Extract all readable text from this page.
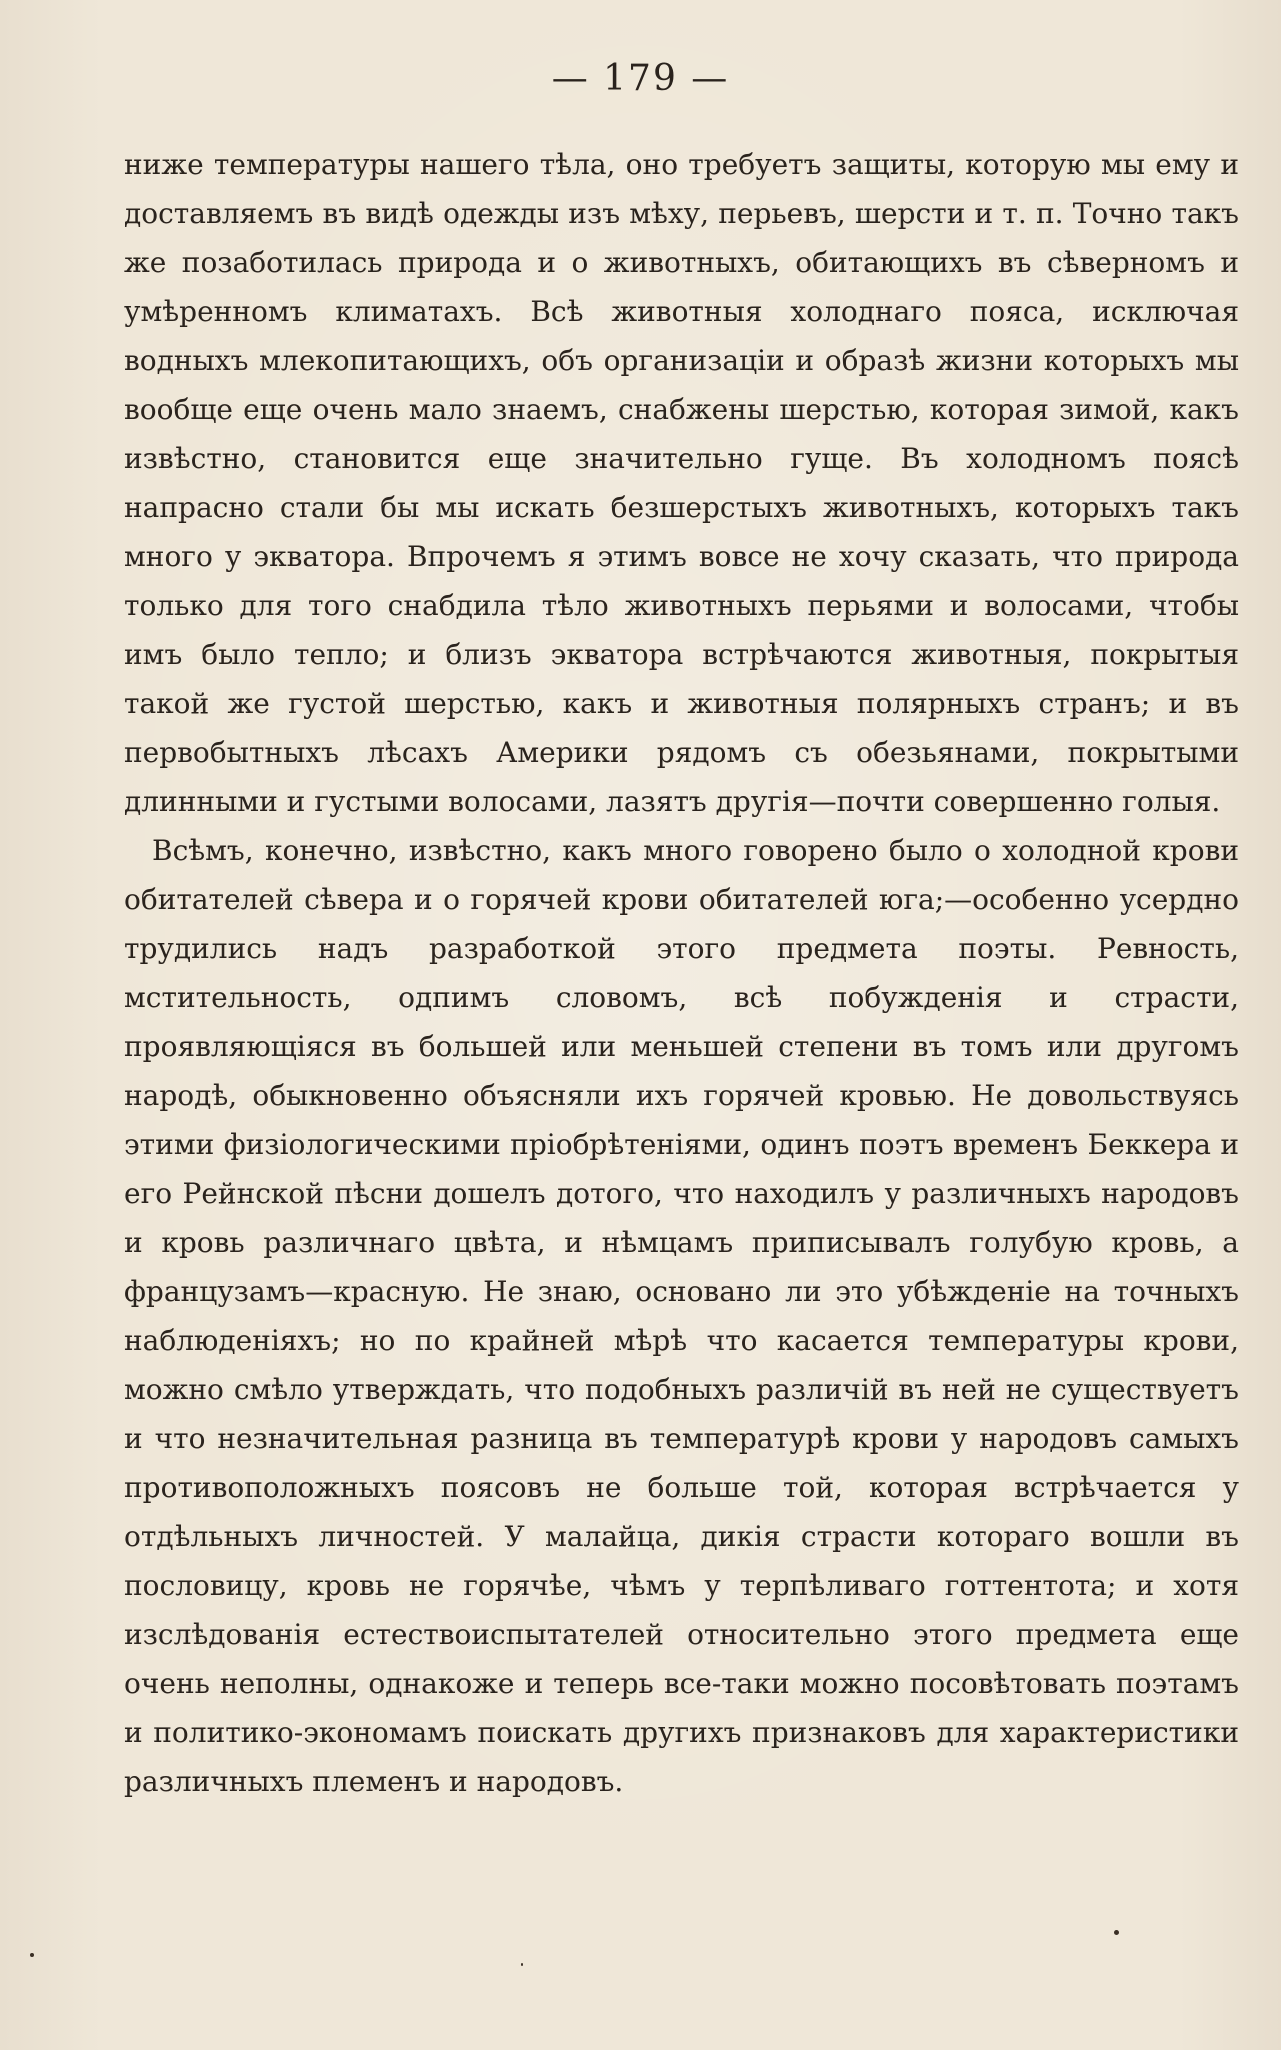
— 179 —

ниже температуры нашего тѣла, оно требуетъ защиты, которую мы ему и доставляемъ въ видѣ одежды изъ мѣху, перьевъ, шерсти и т. п. Точно такъ же позаботилась природа и о животныхъ, обитающихъ въ сѣверномъ и умѣренномъ климатахъ. Всѣ животныя холоднаго пояса, исключая водныхъ млекопитающихъ, объ организаціи и образѣ жизни которыхъ мы вообще еще очень мало знаемъ, снабжены шерстью, которая зимой, какъ извѣстно, становится еще значительно гуще. Въ холодномъ поясѣ напрасно стали бы мы искать безшерстыхъ животныхъ, которыхъ такъ много у экватора. Впрочемъ я этимъ вовсе не хочу сказать, что природа только для того снабдила тѣло животныхъ перьями и волосами, чтобы имъ было тепло; и близъ экватора встрѣчаются животныя, покрытыя такой же густой шерстью, какъ и животныя полярныхъ странъ; и въ первобытныхъ лѣсахъ Америки рядомъ съ обезьянами, покрытыми длинными и густыми волосами, лазятъ другія—почти совершенно голыя.

Всѣмъ, конечно, извѣстно, какъ много говорено было о холодной крови обитателей сѣвера и о горячей крови обитателей юга;—особенно усердно трудились надъ разработкой этого предмета поэты. Ревность, мстительность, одпимъ словомъ, всѣ побужденія и страсти, проявляющіяся въ большей или меньшей степени въ томъ или другомъ народѣ, обыкновенно объясняли ихъ горячей кровью. Не довольствуясь этими физіологическими пріобрѣтеніями, одинъ поэтъ временъ Беккера и его Рейнской пѣсни дошелъ дотого, что находилъ у различныхъ народовъ и кровь различнаго цвѣта, и нѣмцамъ приписывалъ голубую кровь, а французамъ—красную. Не знаю, основано ли это убѣжденіе на точныхъ наблюденіяхъ; но по крайней мѣрѣ что касается температуры крови, можно смѣло утверждать, что подобныхъ различій въ ней не существуетъ и что незначительная разница въ температурѣ крови у народовъ самыхъ противоположныхъ поясовъ не больше той, которая встрѣчается у отдѣльныхъ личностей. У малайца, дикія страсти котораго вошли въ пословицу, кровь не горячѣе, чѣмъ у терпѣливаго готтентота; и хотя изслѣдованія естествоиспытателей относительно этого предмета еще очень неполны, однакоже и теперь все-таки можно посовѣтовать поэтамъ и политико-экономамъ поискать другихъ признаковъ для характеристики различныхъ племенъ и народовъ.
